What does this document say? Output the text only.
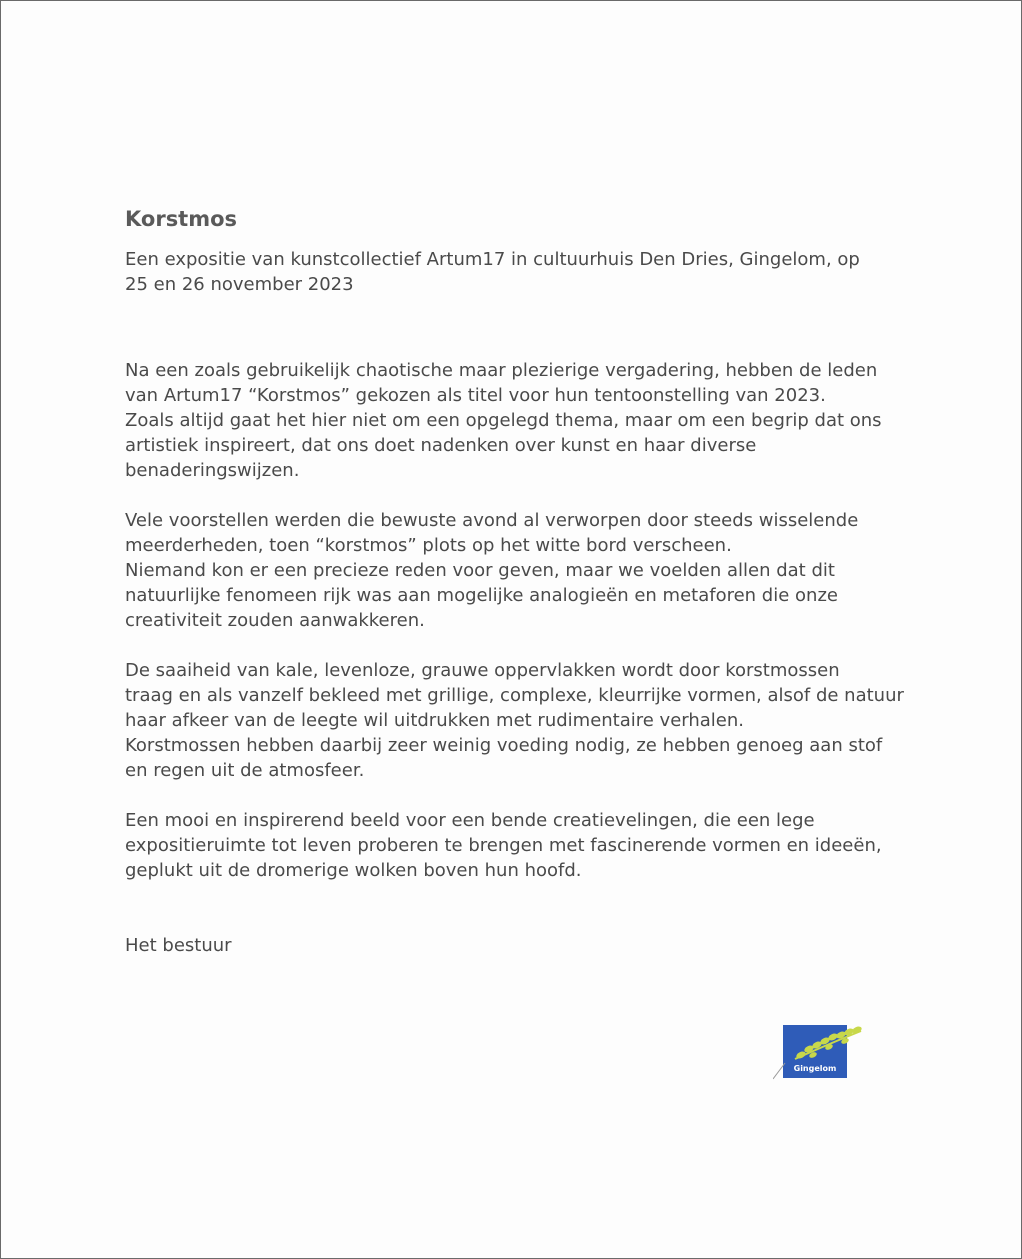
Korstmos

Een expositie van kunstcollectief Artum17 in cultuurhuis Den Dries, Gingelom, op
25 en 26 november 2023

Na een zoals gebruikelijk chaotische maar plezierige vergadering, hebben de leden
van Artum17 “Korstmos” gekozen als titel voor hun tentoonstelling van 2023.
Zoals altijd gaat het hier niet om een opgelegd thema, maar om een begrip dat ons
artistiek inspireert, dat ons doet nadenken over kunst en haar diverse
benaderingswijzen.

Vele voorstellen werden die bewuste avond al verworpen door steeds wisselende
meerderheden, toen “korstmos” plots op het witte bord verscheen.
Niemand kon er een precieze reden voor geven, maar we voelden allen dat dit
natuurlijke fenomeen rijk was aan mogelijke analogieën en metaforen die onze
creativiteit zouden aanwakkeren.

De saaiheid van kale, levenloze, grauwe oppervlakken wordt door korstmossen
traag en als vanzelf bekleed met grillige, complexe, kleurrijke vormen, alsof de natuur
haar afkeer van de leegte wil uitdrukken met rudimentaire verhalen.
Korstmossen hebben daarbij zeer weinig voeding nodig, ze hebben genoeg aan stof
en regen uit de atmosfeer.

Een mooi en inspirerend beeld voor een bende creatievelingen, die een lege
expositieruimte tot leven proberen te brengen met fascinerende vormen en ideeën,
geplukt uit de dromerige wolken boven hun hoofd.

Het bestuur
Gingelom
